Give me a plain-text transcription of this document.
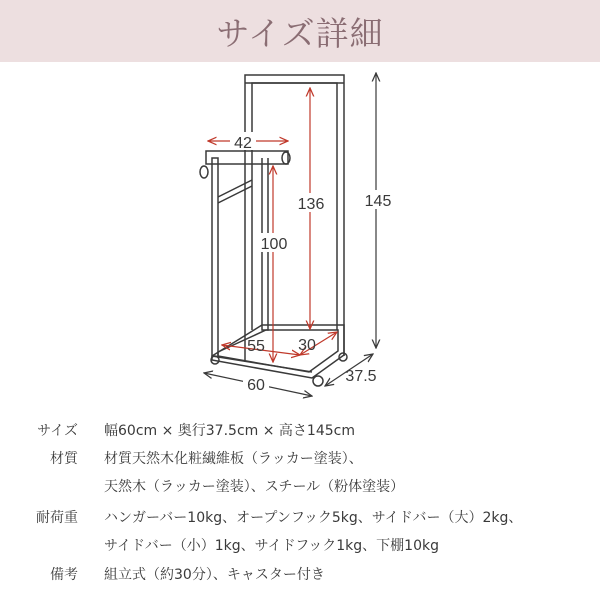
サイズ詳細
42
136
100
145
55 30
60
37.5
サイズ 幅60cm × 奥行37.5cm × 高さ145cm
材質 材質天然木化粧繊維板（ラッカー塗装）、
天然木（ラッカー塗装）、スチール（粉体塗装）
耐荷重 ハンガーバー10kg、オープンフック5kg、サイドバー（大）2kg、
サイドバー（小）1kg、サイドフック1kg、下棚10kg
備考 組立式（約30分）、キャスター付き
